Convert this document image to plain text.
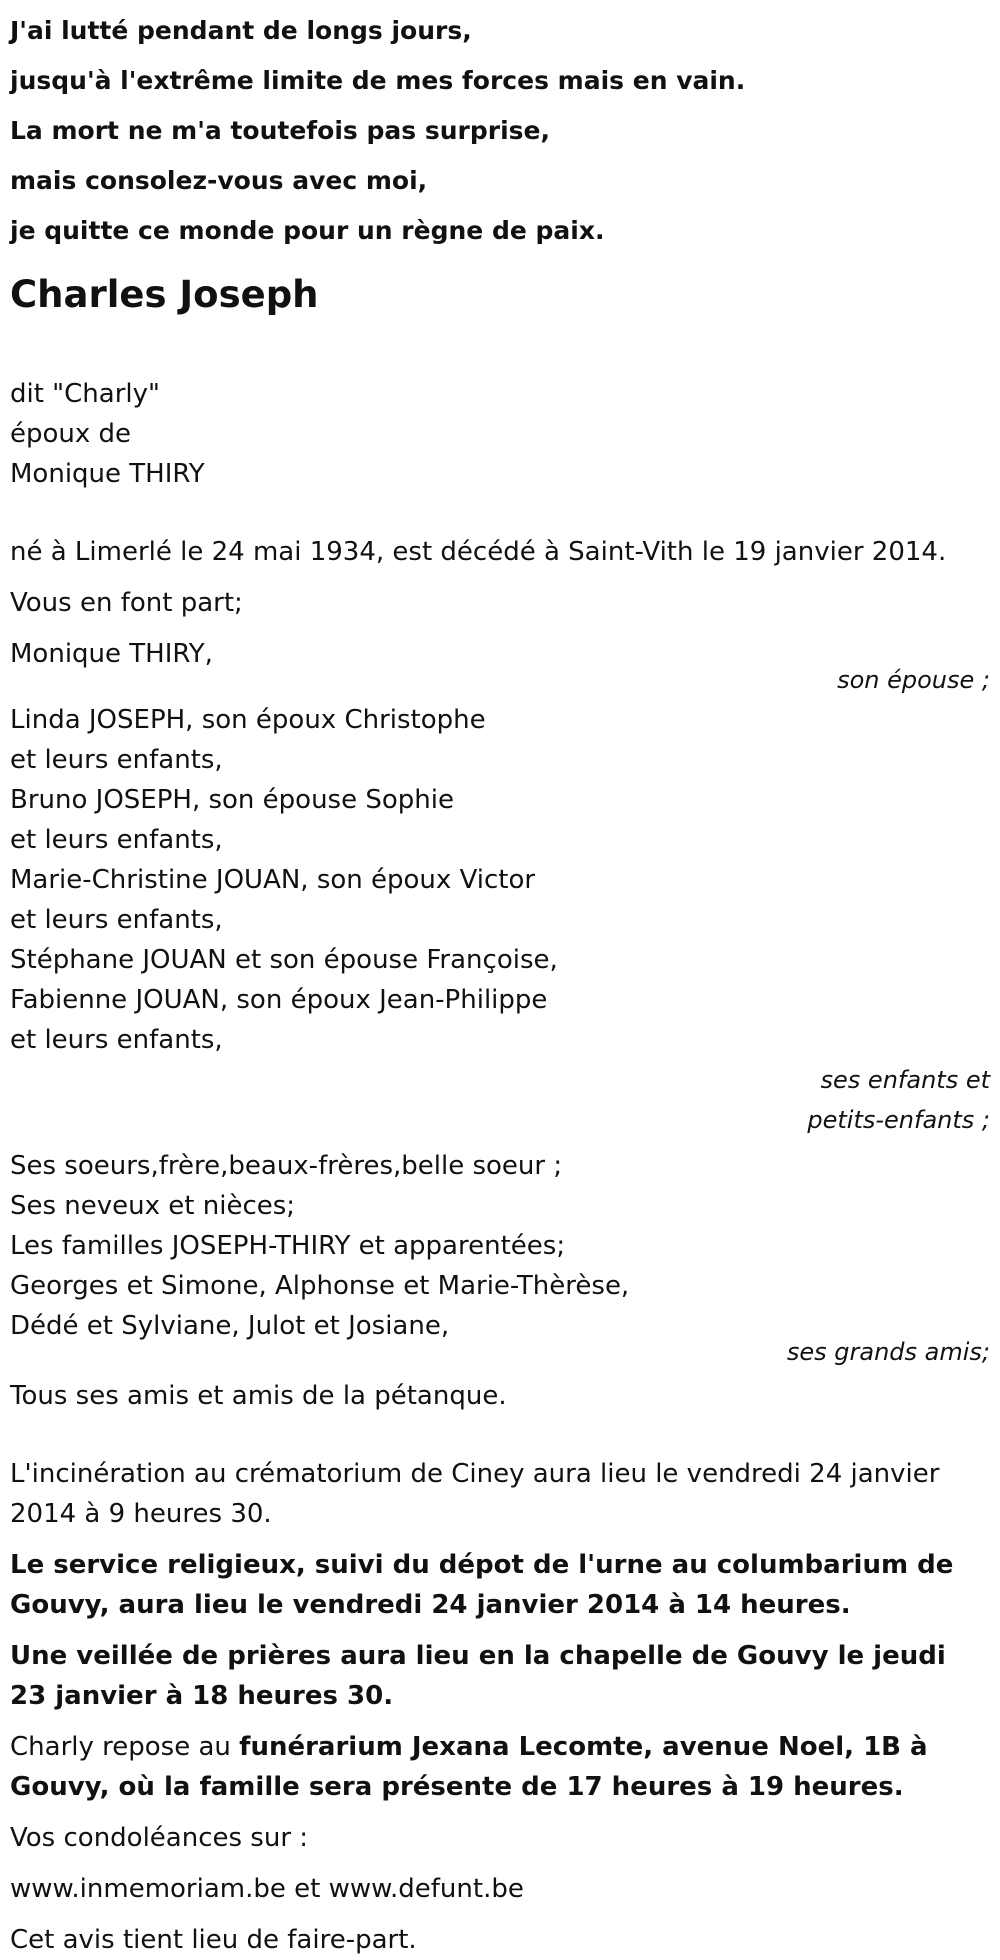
J'ai lutté pendant de longs jours,
jusqu'à l'extrême limite de mes forces mais en vain.
La mort ne m'a toutefois pas surprise,
mais consolez-vous avec moi,
je quitte ce monde pour un règne de paix.
Charles Joseph
dit "Charly"
époux de
Monique THIRY
né à Limerlé le 24 mai 1934, est décédé à Saint-Vith le 19 janvier 2014.
Vous en font part;
Monique THIRY,
son épouse ;
Linda JOSEPH, son époux Christophe
et leurs enfants,
Bruno JOSEPH, son épouse Sophie
et leurs enfants,
Marie-Christine JOUAN, son époux Victor
et leurs enfants,
Stéphane JOUAN et son épouse Françoise,
Fabienne JOUAN, son époux Jean-Philippe
et leurs enfants,
ses enfants et
petits-enfants ;
Ses soeurs,frère,beaux-frères,belle soeur ;
Ses neveux et nièces;
Les familles JOSEPH-THIRY et apparentées;
Georges et Simone, Alphonse et Marie-Thèrèse,
Dédé et Sylviane, Julot et Josiane,
ses grands amis;
Tous ses amis et amis de la pétanque.
L'incinération au crématorium de Ciney aura lieu le vendredi 24 janvier 2014 à 9 heures 30.
Le service religieux, suivi du dépot de l'urne au columbarium de Gouvy, aura lieu le vendredi 24 janvier 2014 à 14 heures.
Une veillée de prières aura lieu en la chapelle de Gouvy le jeudi 23 janvier à 18 heures 30.
Charly repose au funérarium Jexana Lecomte, avenue Noel, 1B à Gouvy, où la famille sera présente de 17 heures à 19 heures.
Vos condoléances sur :
www.inmemoriam.be et www.defunt.be
Cet avis tient lieu de faire-part.
